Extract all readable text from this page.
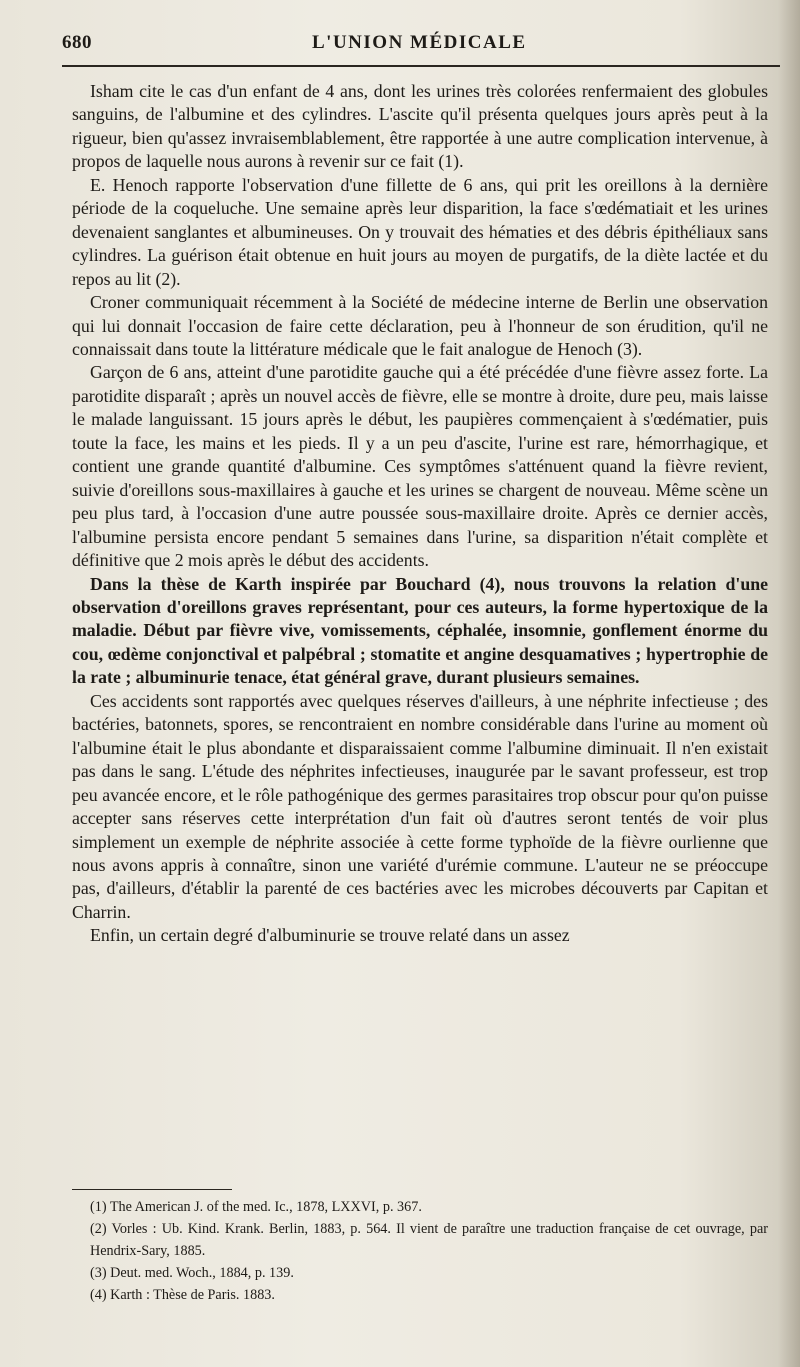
680	L'UNION MÉDICALE

Isham cite le cas d'un enfant de 4 ans, dont les urines très colorées renfermaient des globules sanguins, de l'albumine et des cylindres. L'ascite qu'il présenta quelques jours après peut à la rigueur, bien qu'assez invraisemblablement, être rapportée à une autre complication intervenue, à propos de laquelle nous aurons à revenir sur ce fait (1).

E. Henoch rapporte l'observation d'une fillette de 6 ans, qui prit les oreillons à la dernière période de la coqueluche. Une semaine après leur disparition, la face s'œdématiait et les urines devenaient sanglantes et albumineuses. On y trouvait des hématies et des débris épithéliaux sans cylindres. La guérison était obtenue en huit jours au moyen de purgatifs, de la diète lactée et du repos au lit (2).

Croner communiquait récemment à la Société de médecine interne de Berlin une observation qui lui donnait l'occasion de faire cette déclaration, peu à l'honneur de son érudition, qu'il ne connaissait dans toute la littérature médicale que le fait analogue de Henoch (3).

Garçon de 6 ans, atteint d'une parotidite gauche qui a été précédée d'une fièvre assez forte. La parotidite disparaît ; après un nouvel accès de fièvre, elle se montre à droite, dure peu, mais laisse le malade languissant. 15 jours après le début, les paupières commençaient à s'œdématier, puis toute la face, les mains et les pieds. Il y a un peu d'ascite, l'urine est rare, hémorrhagique, et contient une grande quantité d'albumine. Ces symptômes s'atténuent quand la fièvre revient, suivie d'oreillons sous-maxillaires à gauche et les urines se chargent de nouveau. Même scène un peu plus tard, à l'occasion d'une autre poussée sous-maxillaire droite. Après ce dernier accès, l'albumine persista encore pendant 5 semaines dans l'urine, sa disparition n'était complète et définitive que 2 mois après le début des accidents.

Dans la thèse de Karth inspirée par Bouchard (4), nous trouvons la relation d'une observation d'oreillons graves représentant, pour ces auteurs, la forme hypertoxique de la maladie. Début par fièvre vive, vomissements, céphalée, insomnie, gonflement énorme du cou, œdème conjonctival et palpébral ; stomatite et angine desquamatives ; hypertrophie de la rate ; albuminurie tenace, état général grave, durant plusieurs semaines.

Ces accidents sont rapportés avec quelques réserves d'ailleurs, à une néphrite infectieuse ; des bactéries, batonnets, spores, se rencontraient en nombre considérable dans l'urine au moment où l'albumine était le plus abondante et disparaissaient comme l'albumine diminuait. Il n'en existait pas dans le sang. L'étude des néphrites infectieuses, inaugurée par le savant professeur, est trop peu avancée encore, et le rôle pathogénique des germes parasitaires trop obscur pour qu'on puisse accepter sans réserves cette interprétation d'un fait où d'autres seront tentés de voir plus simplement un exemple de néphrite associée à cette forme typhoïde de la fièvre ourlienne que nous avons appris à connaître, sinon une variété d'urémie commune. L'auteur ne se préoccupe pas, d'ailleurs, d'établir la parenté de ces bactéries avec les microbes découverts par Capitan et Charrin.

Enfin, un certain degré d'albuminurie se trouve relaté dans un assez

(1) The American J. of the med. Ic., 1878, LXXVI, p. 367.

(2) Vorles : Ub. Kind. Krank. Berlin, 1883, p. 564. Il vient de paraître une traduction française de cet ouvrage, par Hendrix-Sary, 1885.

(3) Deut. med. Woch., 1884, p. 139.

(4) Karth : Thèse de Paris. 1883.
